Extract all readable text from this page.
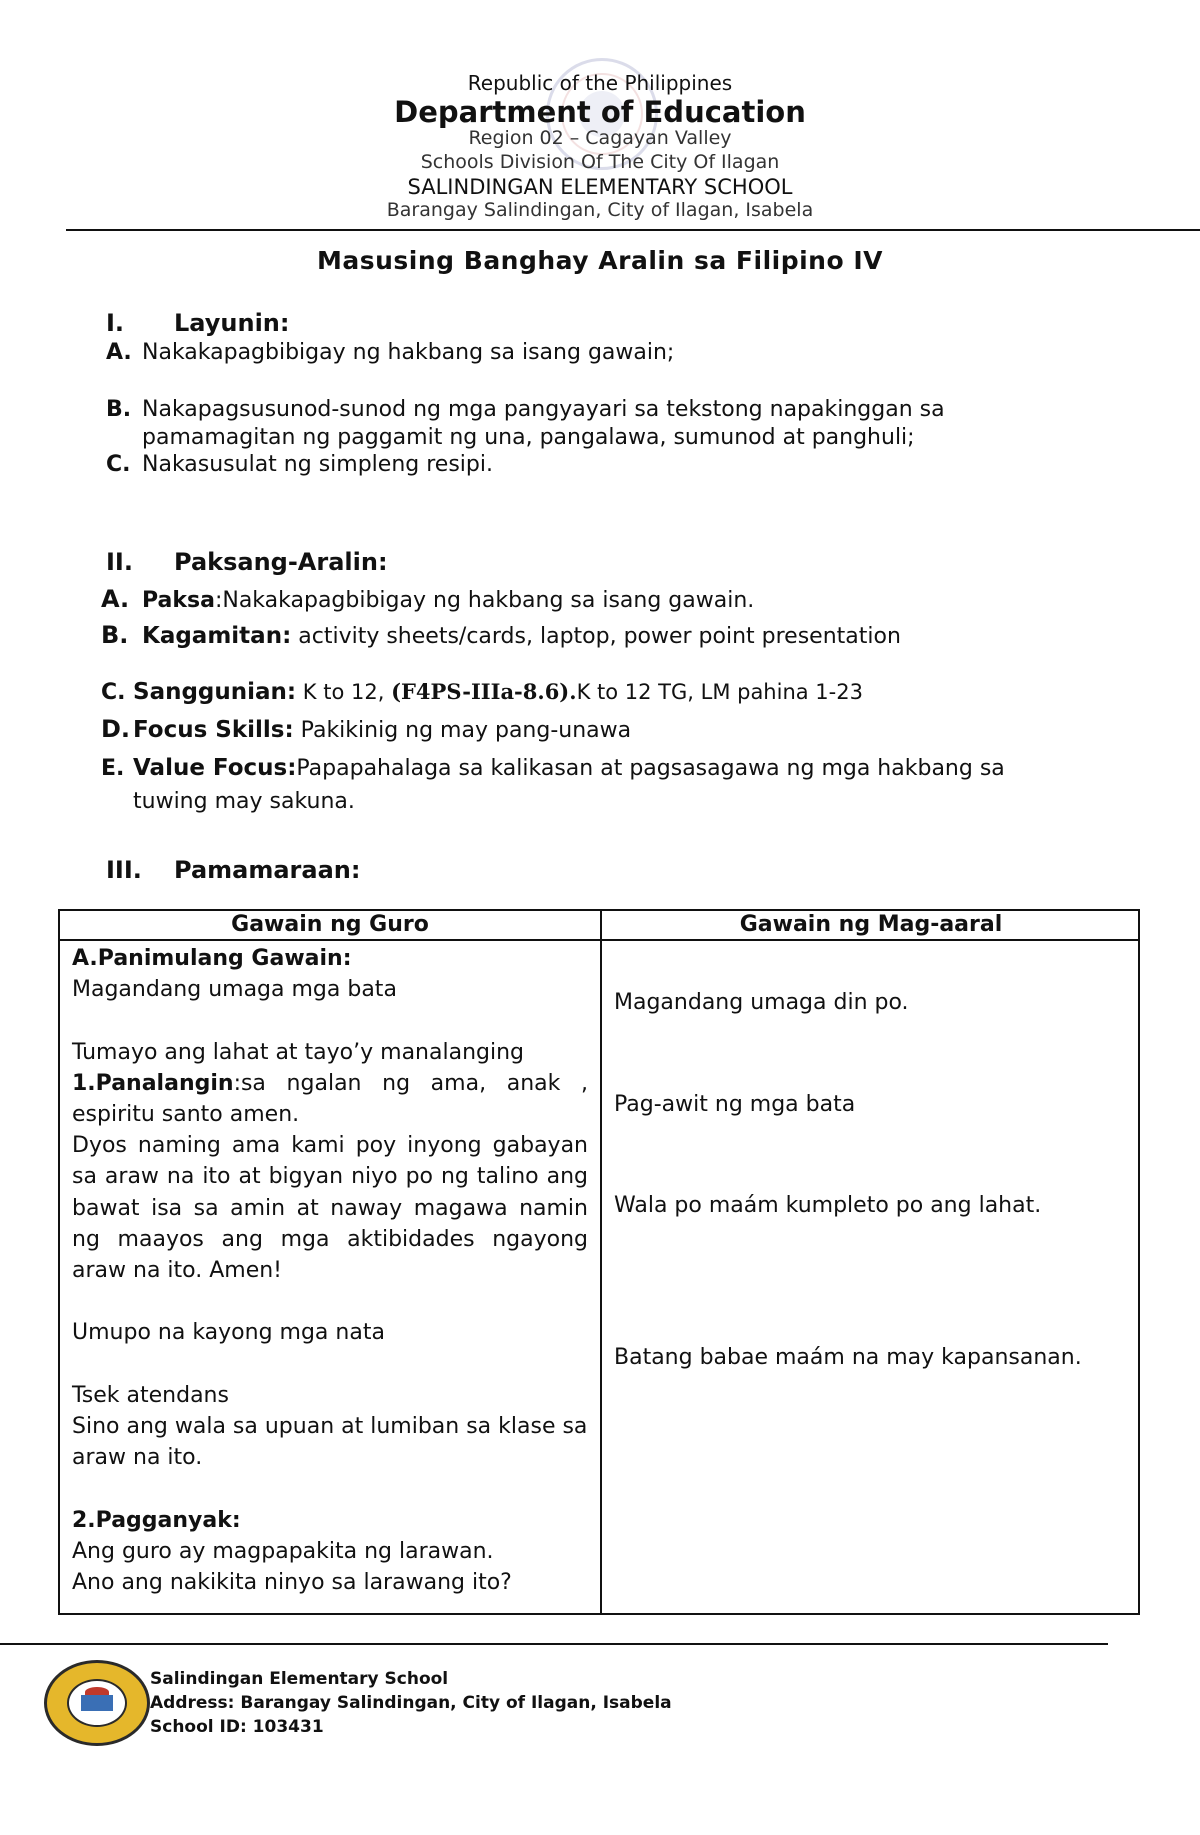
Republic of the Philippines
Department of Education
Region 02 – Cagayan Valley
Schools Division Of The City Of Ilagan
SALINDINGAN ELEMENTARY SCHOOL
Barangay Salindingan, City of Ilagan, Isabela
Masusing Banghay Aralin sa Filipino IV
I. Layunin:
A. Nakakapagbibigay ng hakbang sa isang gawain;
B. Nakapagsusunod-sunod ng mga pangyayari sa tekstong napakinggan sa pamamagitan ng paggamit ng una, pangalawa, sumunod at panghuli;
C. Nakasusulat ng simpleng resipi.
II. Paksang-Aralin:
A. Paksa:Nakakapagbibigay ng hakbang sa isang gawain.
B. Kagamitan: activity sheets/cards, laptop, power point presentation
C. Sanggunian: K to 12, (F4PS-IIIa-8.6).K to 12 TG, LM pahina 1-23
D. Focus Skills: Pakikinig ng may pang-unawa
E. Value Focus:Papapahalaga sa kalikasan at pagsasagawa ng mga hakbang sa tuwing may sakuna.
III. Pamamaraan:
Gawain ng Guro	Gawain ng Mag-aaral

A.Panimulang Gawain:

Magandang umaga mga bata

Tumayo ang lahat at tayo’y manalanging

1.Panalangin:sa ngalan ng ama, anak , espiritu santo amen.

Dyos naming ama kami poy inyong gabayan sa araw na ito at bigyan niyo po ng talino ang bawat isa sa amin at naway magawa namin ng maayos ang mga aktibidades ngayong araw na ito. Amen!

Umupo na kayong mga nata

Tsek atendans

Sino ang wala sa upuan at lumiban sa klase sa araw na ito.

2.Pagganyak:

Ang guro ay magpapakita ng larawan.

Ano ang nakikita ninyo sa larawang ito?

Magandang umaga din po.
Pag-awit ng mga bata
Wala po maám kumpleto po ang lahat.
Batang babae maám na may kapansanan.
Salindingan Elementary School
Address: Barangay Salindingan, City of Ilagan, Isabela
School ID: 103431
